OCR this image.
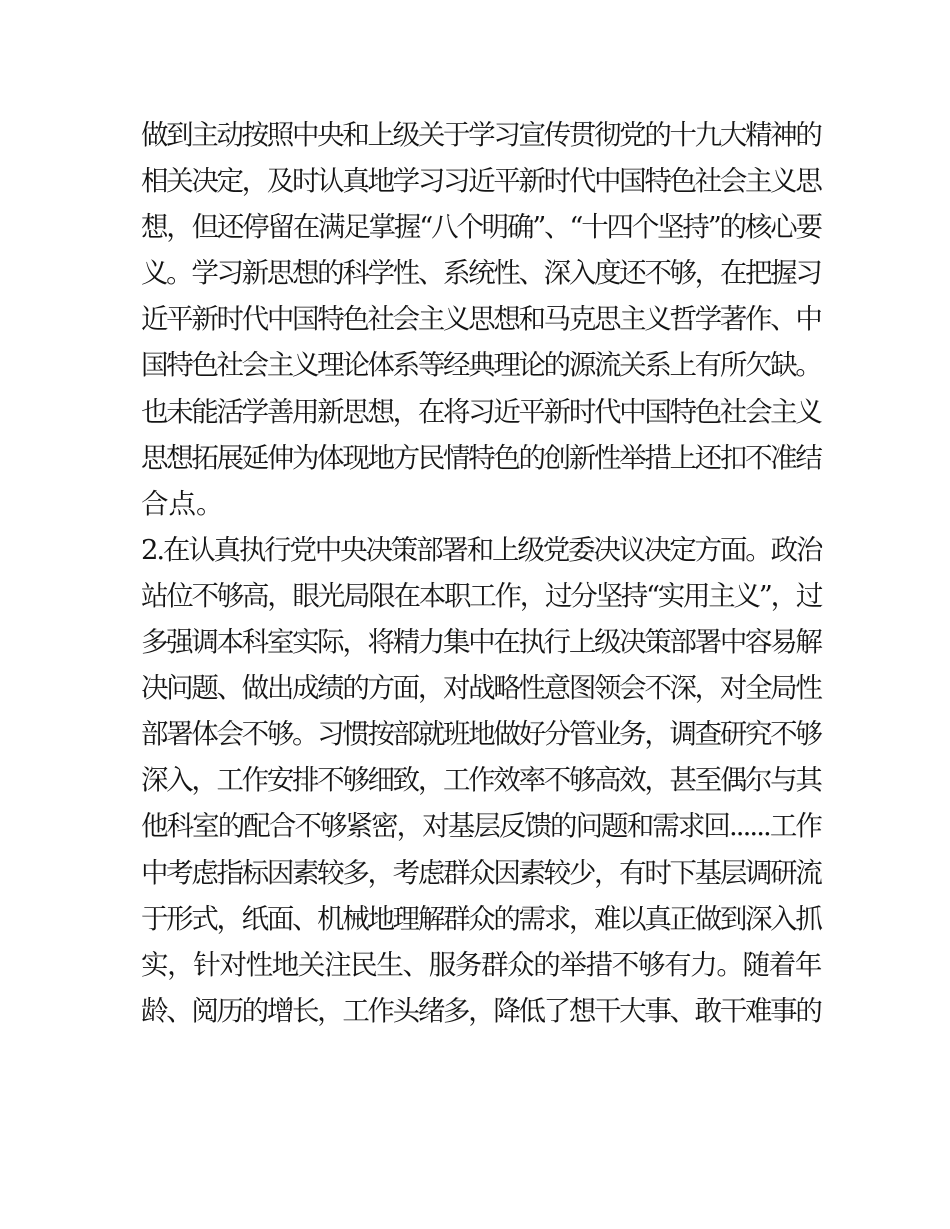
做到主动按照中央和上级关于学习宣传贯彻党的十九大精神的
相关决定，及时认真地学习习近平新时代中国特色社会主义思
想，但还停留在满足掌握“八个明确”、“十四个坚持”的核心要
义。学习新思想的科学性、系统性、深入度还不够，在把握习
近平新时代中国特色社会主义思想和马克思主义哲学著作、中
国特色社会主义理论体系等经典理论的源流关系上有所欠缺。
也未能活学善用新思想，在将习近平新时代中国特色社会主义
思想拓展延伸为体现地方民情特色的创新性举措上还扣不准结
合点。
2.在认真执行党中央决策部署和上级党委决议决定方面。政治
站位不够高，眼光局限在本职工作，过分坚持“实用主义”，过
多强调本科室实际，将精力集中在执行上级决策部署中容易解
决问题、做出成绩的方面，对战略性意图领会不深，对全局性
部署体会不够。习惯按部就班地做好分管业务，调查研究不够
深入，工作安排不够细致，工作效率不够高效，甚至偶尔与其
他科室的配合不够紧密，对基层反馈的问题和需求回......工作
中考虑指标因素较多，考虑群众因素较少，有时下基层调研流
于形式，纸面、机械地理解群众的需求，难以真正做到深入抓
实，针对性地关注民生、服务群众的举措不够有力。随着年
龄、阅历的增长，工作头绪多，降低了想干大事、敢干难事的
